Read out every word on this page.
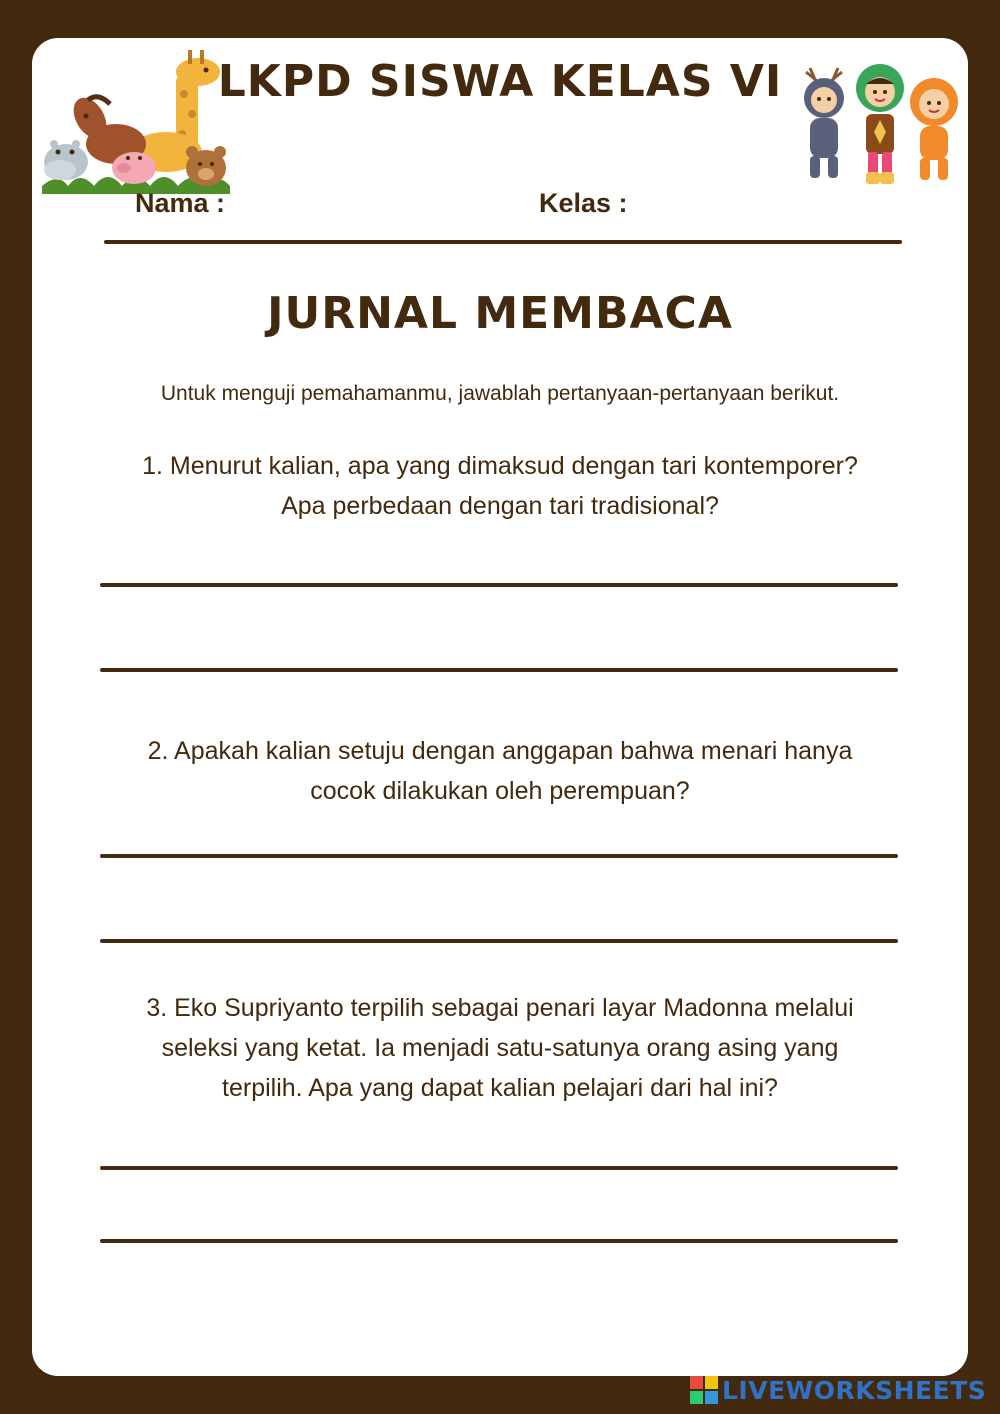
LKPD SISWA KELAS VI
Nama :	Kelas :
JURNAL MEMBACA
Untuk menguji pemahamanmu, jawablah pertanyaan-pertanyaan berikut.
1. Menurut kalian, apa yang dimaksud dengan tari kontemporer?
Apa perbedaan dengan tari tradisional?
2. Apakah kalian setuju dengan anggapan bahwa menari hanya
cocok dilakukan oleh perempuan?
3. Eko Supriyanto terpilih sebagai penari layar Madonna melalui
seleksi yang ketat. Ia menjadi satu-satunya orang asing yang
terpilih. Apa yang dapat kalian pelajari dari hal ini?
LIVEWORKSHEETS
